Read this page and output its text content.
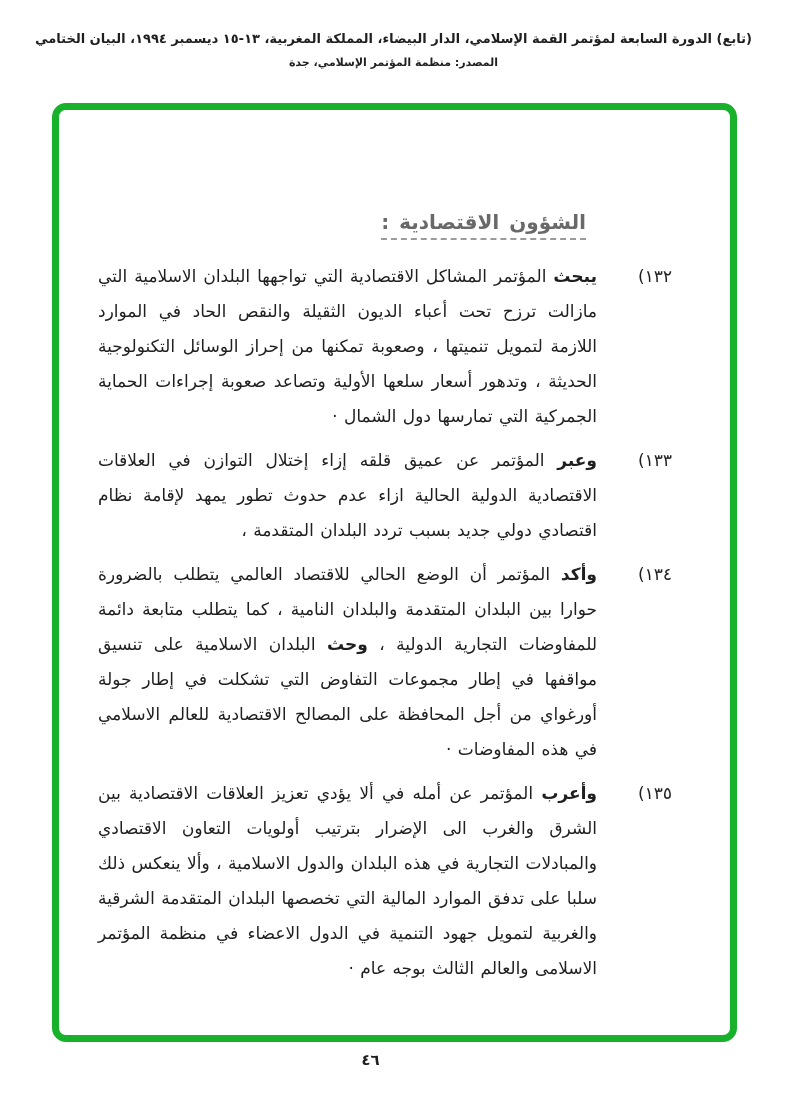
(تابع) الدورة السابعة لمؤتمر القمة الإسلامي، الدار البيضاء، المملكة المغربية، ١٣-١٥ ديسمبر ١٩٩٤، البيان الختامي
المصدر: منظمة المؤتمر الإسلامي، جدة
الشؤون الاقتصادية :
١٣٢)

يبحث المؤتمر المشاكل الاقتصادية التي تواجهها البلدان الاسلامية التي مازالت ترزح تحت أعباء الديون الثقيلة والنقص الحاد في الموارد اللازمة لتمويل تنميتها ، وصعوبة تمكنها من إحراز الوسائل التكنولوجية الحديثة ، وتدهور أسعار سلعها الأولية وتصاعد صعوبة إجراءات الحماية الجمركية التي تمارسها دول الشمال ·

١٣٣)

وعبر المؤتمر عن عميق قلقه إزاء إختلال التوازن في العلاقات الاقتصادية الدولية الحالية ازاء عدم حدوث تطور يمهد لإقامة نظام اقتصادي دولي جديد بسبب تردد البلدان المتقدمة ،

١٣٤)

وأكد المؤتمر أن الوضع الحالي للاقتصاد العالمي يتطلب بالضرورة حوارا بين البلدان المتقدمة والبلدان النامية ، كما يتطلب متابعة دائمة للمفاوضات التجارية الدولية ، وحث البلدان الاسلامية على تنسيق مواقفها في إطار مجموعات التفاوض التي تشكلت في إطار جولة أورغواي من أجل المحافظة على المصالح الاقتصادية للعالم الاسلامي في هذه المفاوضات ·

١٣٥)

وأعرب المؤتمر عن أمله في ألا يؤدي تعزيز العلاقات الاقتصادية بين الشرق والغرب الى الإضرار بترتيب أولويات التعاون الاقتصادي والمبادلات التجارية في هذه البلدان والدول الاسلامية ، وألا ينعكس ذلك سلبا على تدفق الموارد المالية التي تخصصها البلدان المتقدمة الشرقية والغربية لتمويل جهود التنمية في الدول الاعضاء في منظمة المؤتمر الاسلامى والعالم الثالث بوجه عام ·

٤٦
